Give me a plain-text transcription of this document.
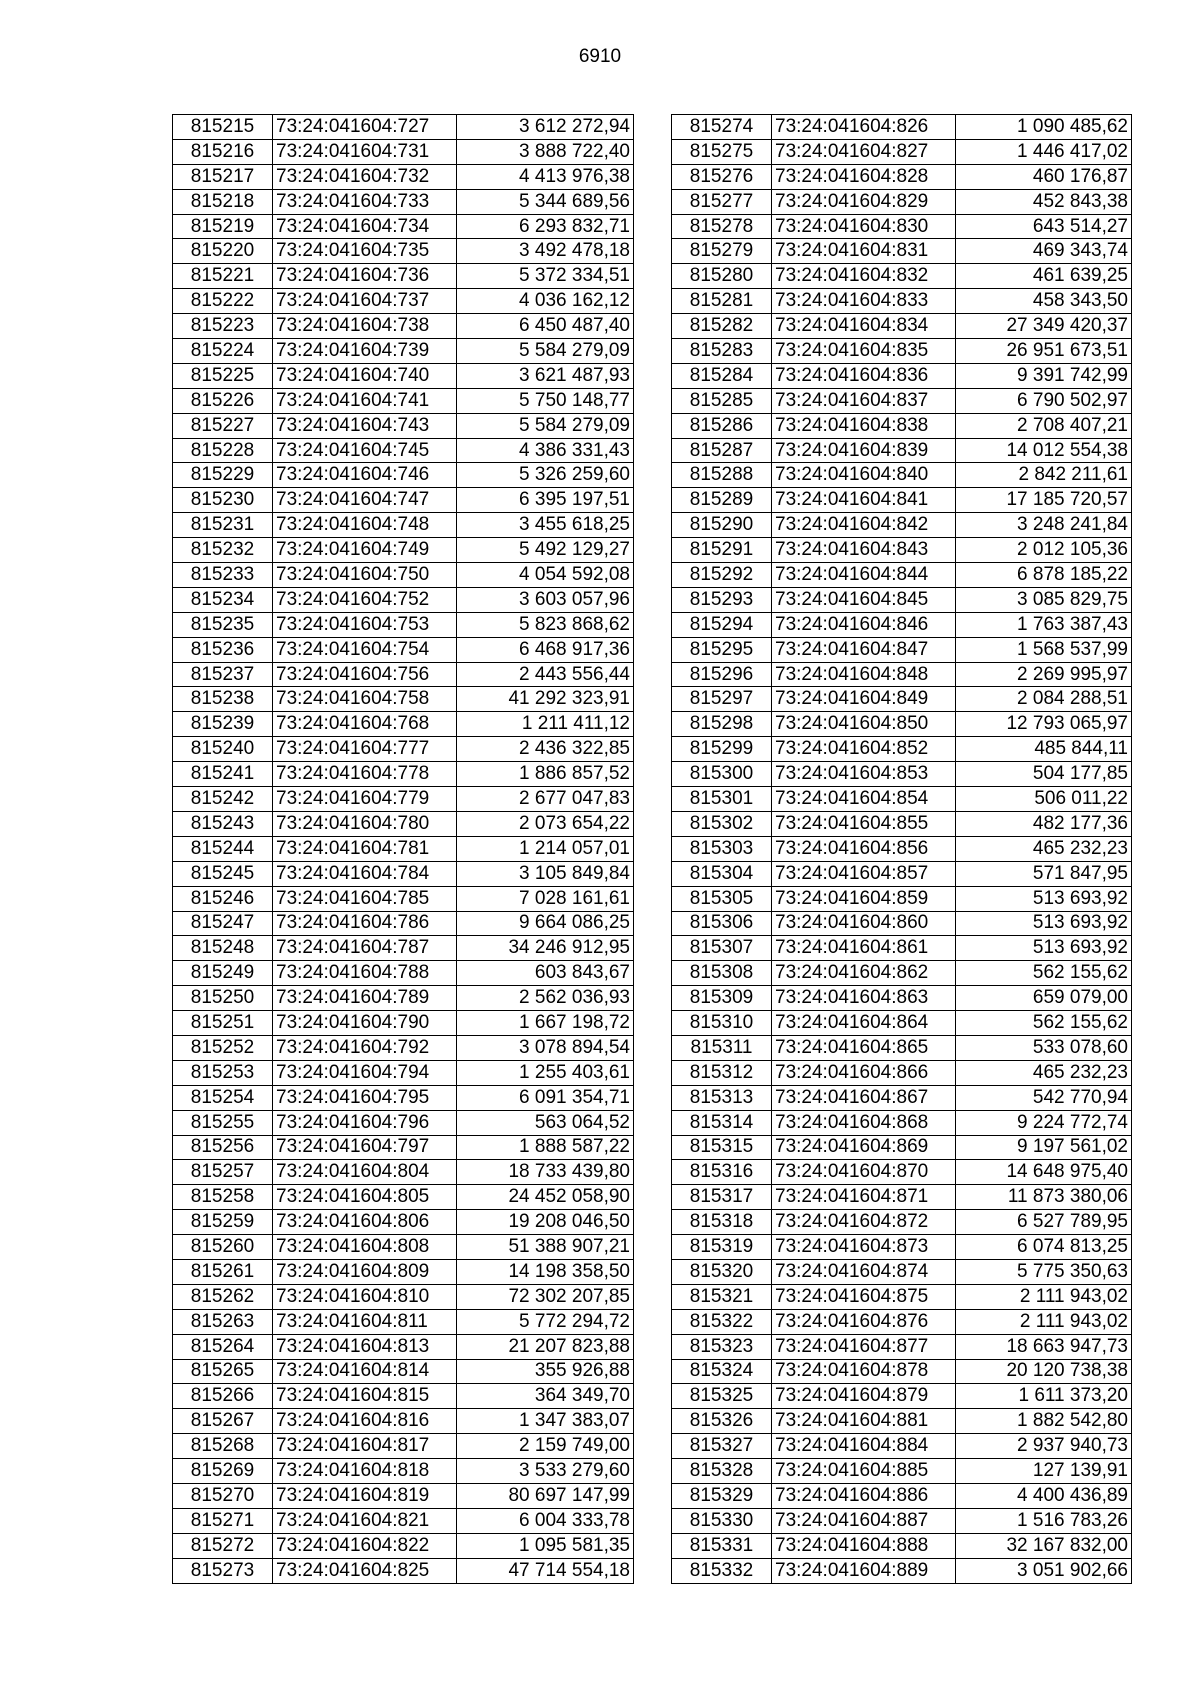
6910
815215	73:24:041604:727	3 612 272,94
815216	73:24:041604:731	3 888 722,40
815217	73:24:041604:732	4 413 976,38
815218	73:24:041604:733	5 344 689,56
815219	73:24:041604:734	6 293 832,71
815220	73:24:041604:735	3 492 478,18
815221	73:24:041604:736	5 372 334,51
815222	73:24:041604:737	4 036 162,12
815223	73:24:041604:738	6 450 487,40
815224	73:24:041604:739	5 584 279,09
815225	73:24:041604:740	3 621 487,93
815226	73:24:041604:741	5 750 148,77
815227	73:24:041604:743	5 584 279,09
815228	73:24:041604:745	4 386 331,43
815229	73:24:041604:746	5 326 259,60
815230	73:24:041604:747	6 395 197,51
815231	73:24:041604:748	3 455 618,25
815232	73:24:041604:749	5 492 129,27
815233	73:24:041604:750	4 054 592,08
815234	73:24:041604:752	3 603 057,96
815235	73:24:041604:753	5 823 868,62
815236	73:24:041604:754	6 468 917,36
815237	73:24:041604:756	2 443 556,44
815238	73:24:041604:758	41 292 323,91
815239	73:24:041604:768	1 211 411,12
815240	73:24:041604:777	2 436 322,85
815241	73:24:041604:778	1 886 857,52
815242	73:24:041604:779	2 677 047,83
815243	73:24:041604:780	2 073 654,22
815244	73:24:041604:781	1 214 057,01
815245	73:24:041604:784	3 105 849,84
815246	73:24:041604:785	7 028 161,61
815247	73:24:041604:786	9 664 086,25
815248	73:24:041604:787	34 246 912,95
815249	73:24:041604:788	603 843,67
815250	73:24:041604:789	2 562 036,93
815251	73:24:041604:790	1 667 198,72
815252	73:24:041604:792	3 078 894,54
815253	73:24:041604:794	1 255 403,61
815254	73:24:041604:795	6 091 354,71
815255	73:24:041604:796	563 064,52
815256	73:24:041604:797	1 888 587,22
815257	73:24:041604:804	18 733 439,80
815258	73:24:041604:805	24 452 058,90
815259	73:24:041604:806	19 208 046,50
815260	73:24:041604:808	51 388 907,21
815261	73:24:041604:809	14 198 358,50
815262	73:24:041604:810	72 302 207,85
815263	73:24:041604:811	5 772 294,72
815264	73:24:041604:813	21 207 823,88
815265	73:24:041604:814	355 926,88
815266	73:24:041604:815	364 349,70
815267	73:24:041604:816	1 347 383,07
815268	73:24:041604:817	2 159 749,00
815269	73:24:041604:818	3 533 279,60
815270	73:24:041604:819	80 697 147,99
815271	73:24:041604:821	6 004 333,78
815272	73:24:041604:822	1 095 581,35
815273	73:24:041604:825	47 714 554,18
815274	73:24:041604:826	1 090 485,62
815275	73:24:041604:827	1 446 417,02
815276	73:24:041604:828	460 176,87
815277	73:24:041604:829	452 843,38
815278	73:24:041604:830	643 514,27
815279	73:24:041604:831	469 343,74
815280	73:24:041604:832	461 639,25
815281	73:24:041604:833	458 343,50
815282	73:24:041604:834	27 349 420,37
815283	73:24:041604:835	26 951 673,51
815284	73:24:041604:836	9 391 742,99
815285	73:24:041604:837	6 790 502,97
815286	73:24:041604:838	2 708 407,21
815287	73:24:041604:839	14 012 554,38
815288	73:24:041604:840	2 842 211,61
815289	73:24:041604:841	17 185 720,57
815290	73:24:041604:842	3 248 241,84
815291	73:24:041604:843	2 012 105,36
815292	73:24:041604:844	6 878 185,22
815293	73:24:041604:845	3 085 829,75
815294	73:24:041604:846	1 763 387,43
815295	73:24:041604:847	1 568 537,99
815296	73:24:041604:848	2 269 995,97
815297	73:24:041604:849	2 084 288,51
815298	73:24:041604:850	12 793 065,97
815299	73:24:041604:852	485 844,11
815300	73:24:041604:853	504 177,85
815301	73:24:041604:854	506 011,22
815302	73:24:041604:855	482 177,36
815303	73:24:041604:856	465 232,23
815304	73:24:041604:857	571 847,95
815305	73:24:041604:859	513 693,92
815306	73:24:041604:860	513 693,92
815307	73:24:041604:861	513 693,92
815308	73:24:041604:862	562 155,62
815309	73:24:041604:863	659 079,00
815310	73:24:041604:864	562 155,62
815311	73:24:041604:865	533 078,60
815312	73:24:041604:866	465 232,23
815313	73:24:041604:867	542 770,94
815314	73:24:041604:868	9 224 772,74
815315	73:24:041604:869	9 197 561,02
815316	73:24:041604:870	14 648 975,40
815317	73:24:041604:871	11 873 380,06
815318	73:24:041604:872	6 527 789,95
815319	73:24:041604:873	6 074 813,25
815320	73:24:041604:874	5 775 350,63
815321	73:24:041604:875	2 111 943,02
815322	73:24:041604:876	2 111 943,02
815323	73:24:041604:877	18 663 947,73
815324	73:24:041604:878	20 120 738,38
815325	73:24:041604:879	1 611 373,20
815326	73:24:041604:881	1 882 542,80
815327	73:24:041604:884	2 937 940,73
815328	73:24:041604:885	127 139,91
815329	73:24:041604:886	4 400 436,89
815330	73:24:041604:887	1 516 783,26
815331	73:24:041604:888	32 167 832,00
815332	73:24:041604:889	3 051 902,66
